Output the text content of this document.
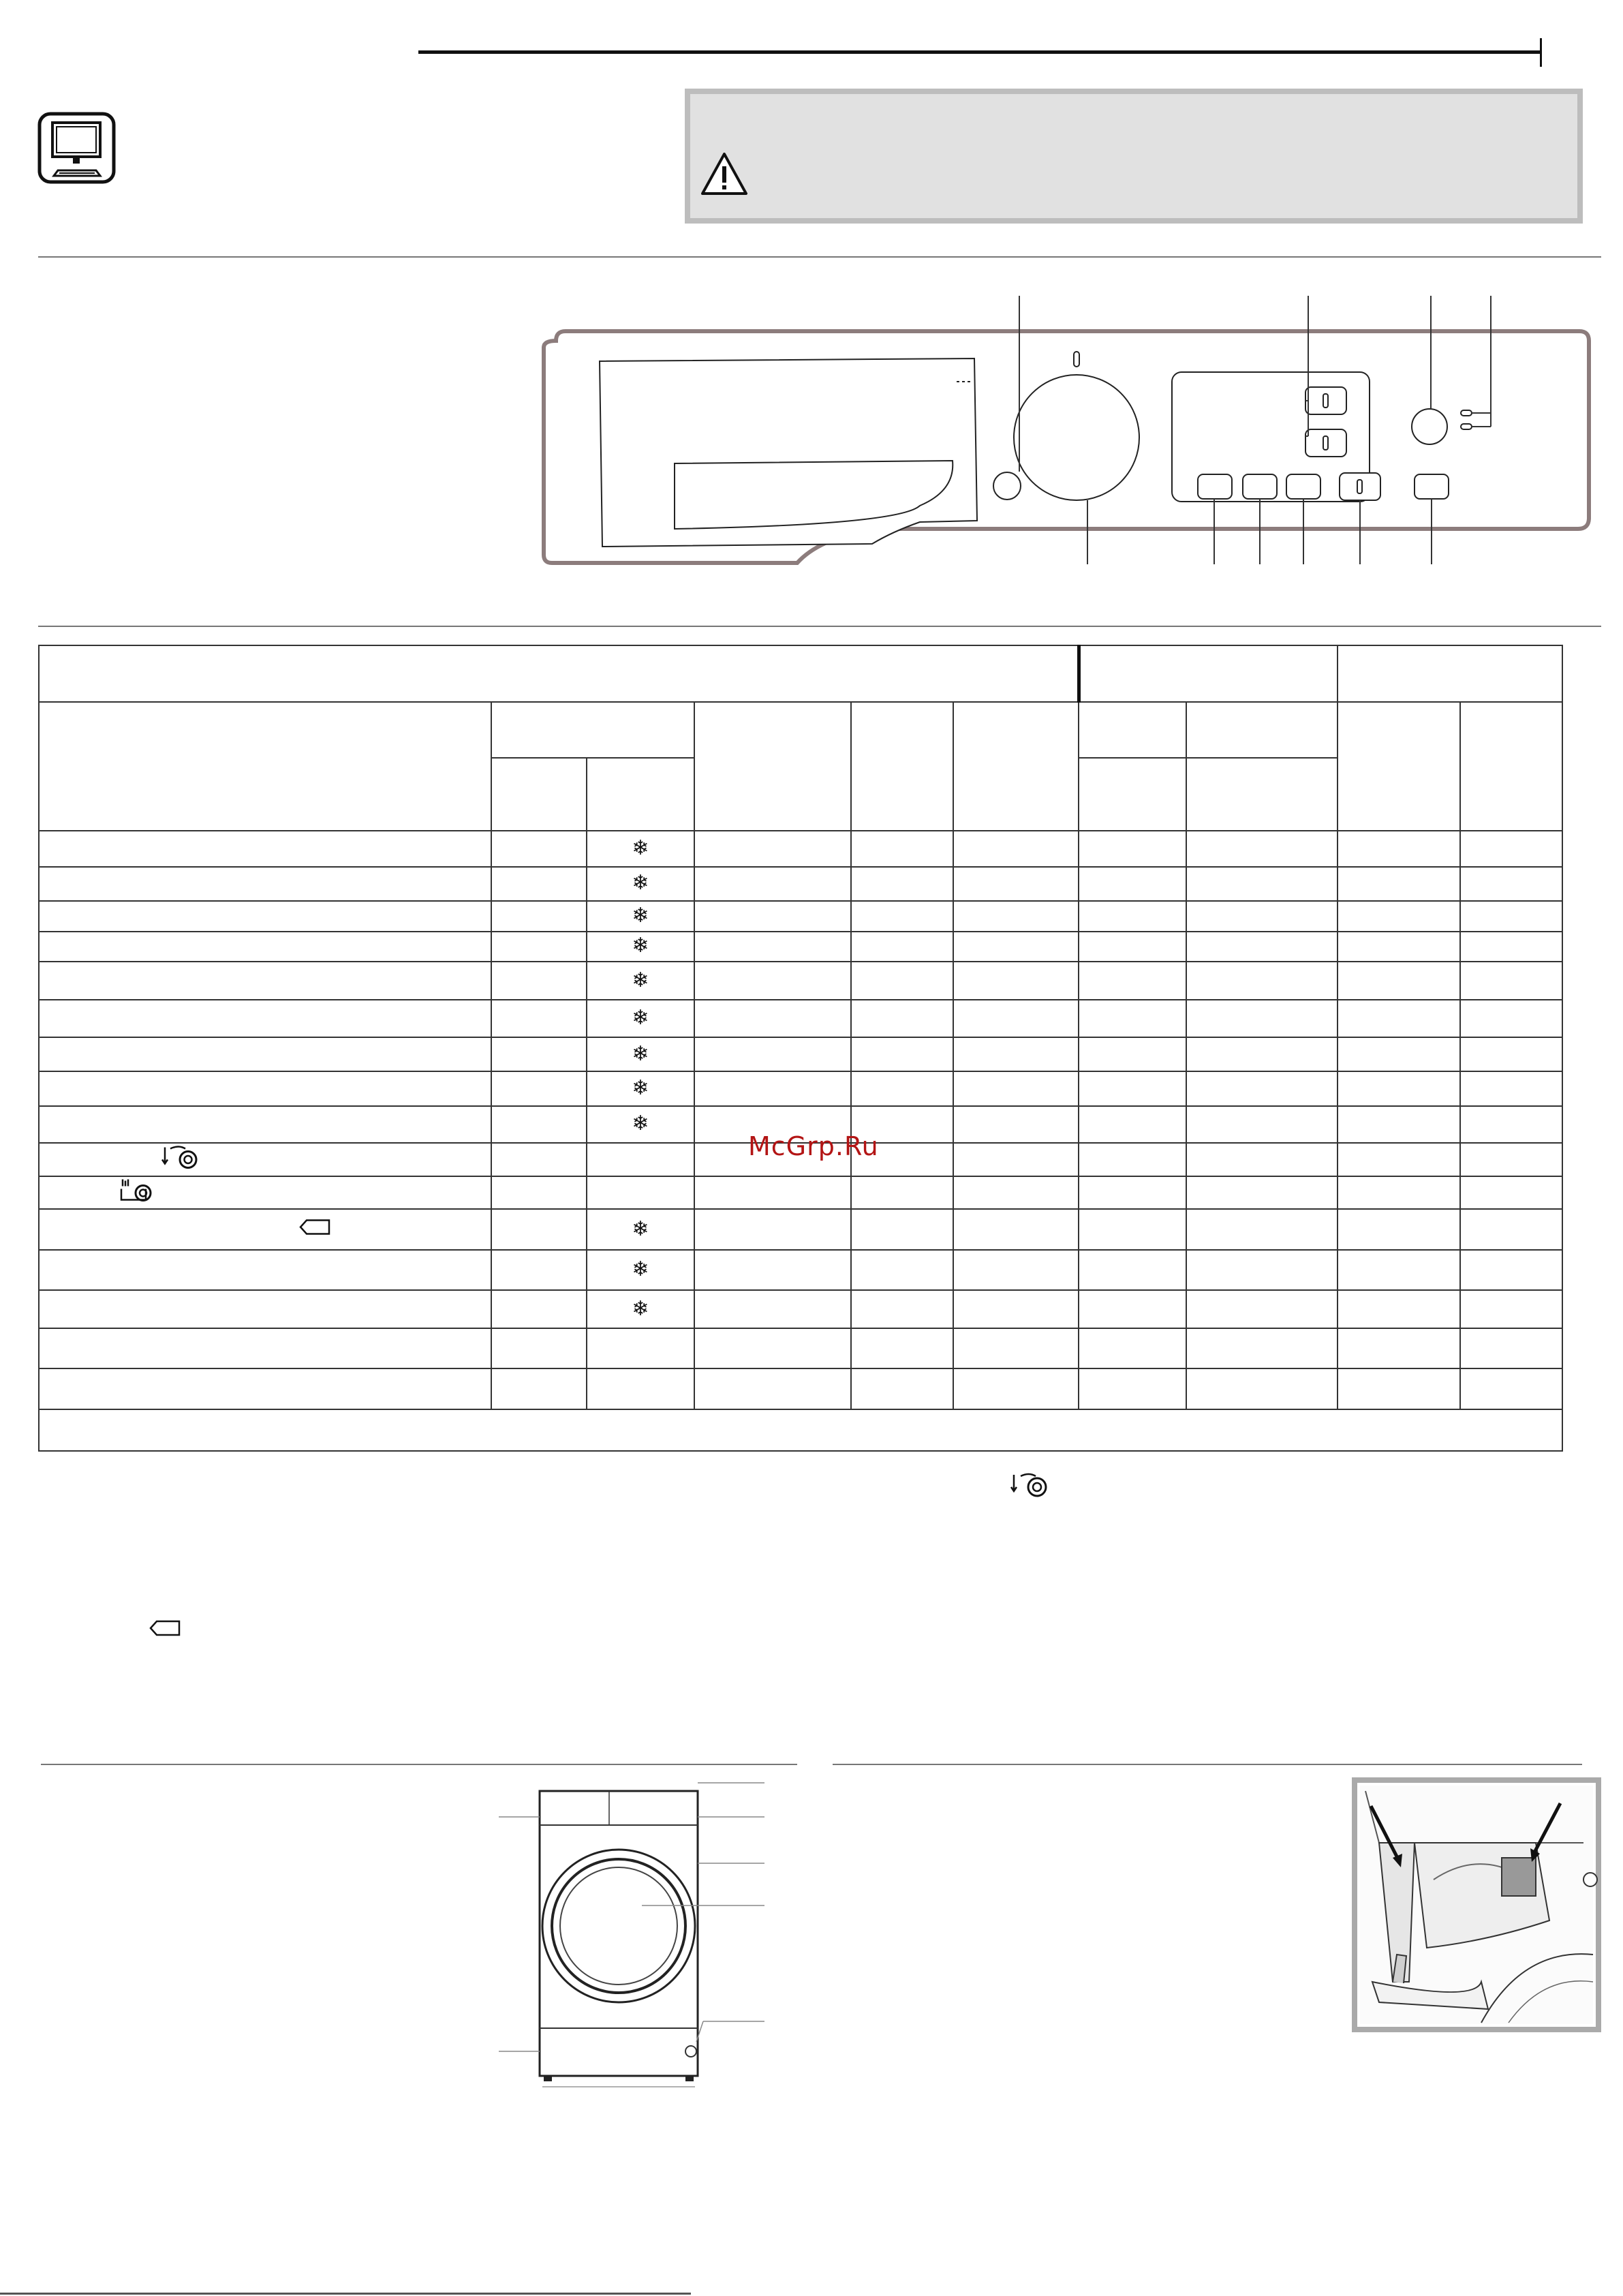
		❄							
		❄							
		❄							
		❄							
		❄							
		❄							
		❄							
		❄							
		❄							

		❄							
		❄							
		❄							

McGrp.Ru
